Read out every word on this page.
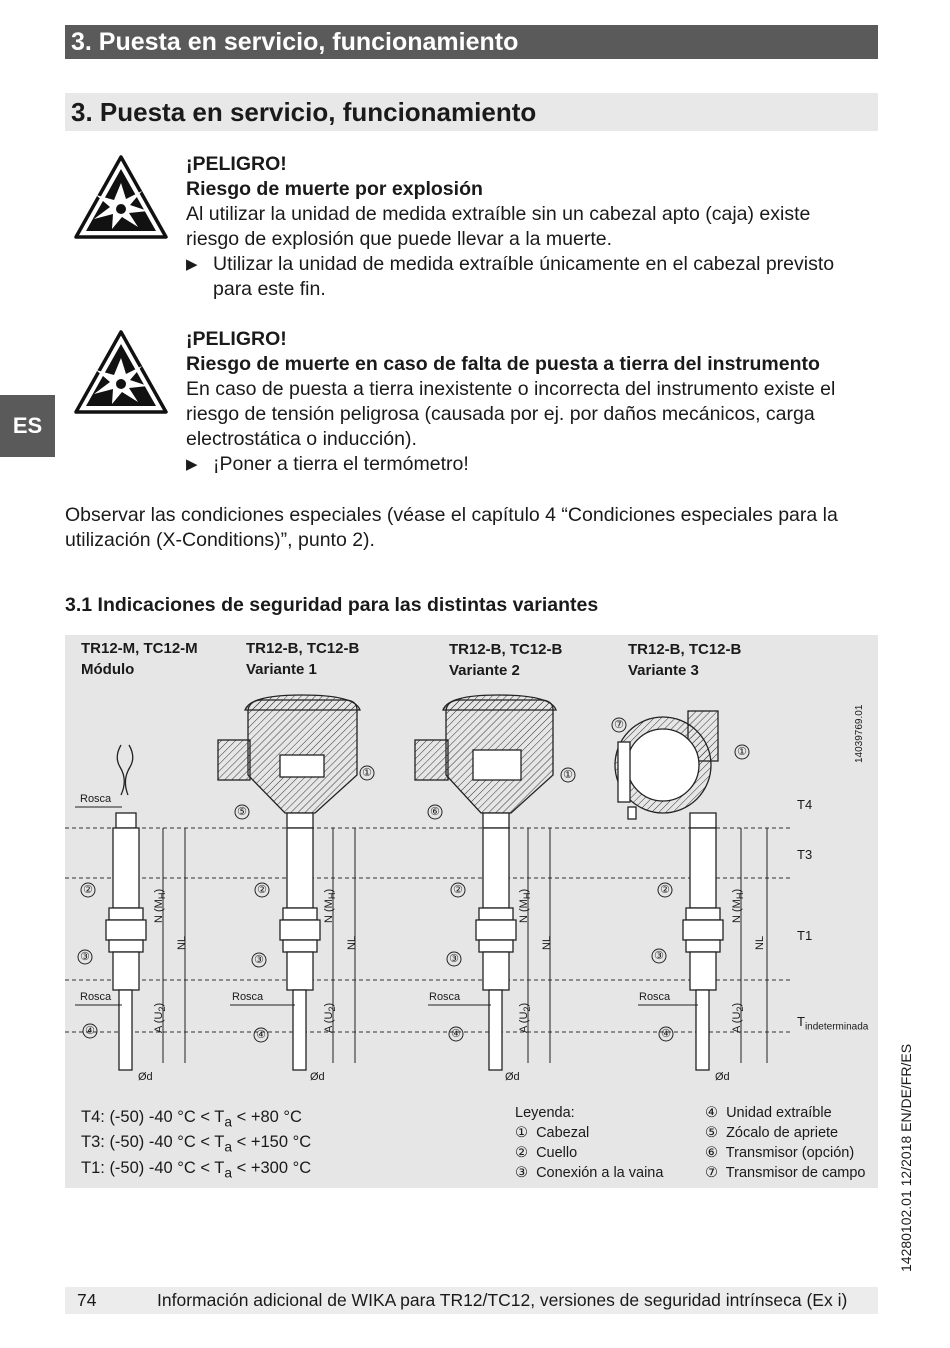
3. Puesta en servicio, funcionamiento
3. Puesta en servicio, funcionamiento
ES
¡PELIGRO!
Riesgo de muerte por explosión
Al utilizar la unidad de medida extraíble sin un cabezal apto (caja) existe
riesgo de explosión que puede llevar a la muerte.
▶ Utilizar la unidad de medida extraíble únicamente en el cabezal previsto
para este fin.
¡PELIGRO!
Riesgo de muerte en caso de falta de puesta a tierra del instrumento
En caso de puesta a tierra inexistente o incorrecta del instrumento existe el
riesgo de tensión peligrosa (causada por ej. por daños mecánicos, carga
electrostática o inducción).
▶ ¡Poner a tierra el termómetro!
Observar las condiciones especiales (véase el capítulo 4 “Condiciones especiales para la
utilización (X-Conditions)”, punto 2).
3.1 Indicaciones de seguridad para las distintas variantes
TR12-M, TC12-M
Módulo
TR12-B, TC12-B
Variante 1
TR12-B, TC12-B
Variante 2
TR12-B, TC12-B
Variante 3
Rosca
Rosca	Rosca	Rosca	Rosca
Ød	Ød	Ød	Ød
NL	NL	NL	NL
N $(M_H)$
N $(M_H)$
N $(M_H)$
N $(M_H)$
A $(U_2)$
A $(U_2)$
A $(U_2)$
A $(U_2)$
②
③
④
②
③
④
①
⑤
②
③
④
①
⑥
②
③
④
①
⑦
T4
T3
T1
$T_{indeterminada}$
14039769.01
T4: (-50) -40 $^\circ C < T_a < +80$ °C
T3: (-50) -40 $^\circ C < T_a < +150$ °C
T1: (-50) -40 $^\circ C < T_a < +300$ °C
Leyenda:
① Cabezal
② Cuello
③ Conexión a la vaina
④ Unidad extraíble
⑤ Zócalo de apriete
⑥ Transmisor (opción)
⑦ Transmisor de campo 14280102.01 12/2018 EN/DE/FR/ES
74	Información adicional de WIKA para TR12/TC12, versiones de seguridad intrínseca (Ex i)
